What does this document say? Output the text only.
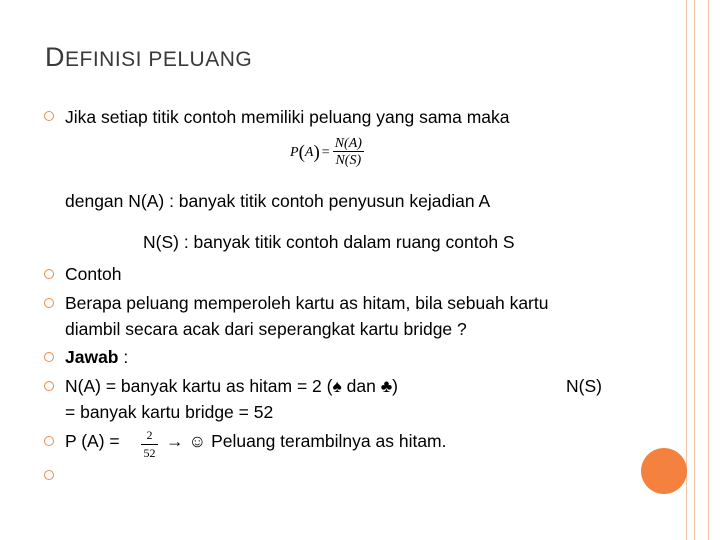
DEFINISI PELUANG
Jika setiap titik contoh memiliki peluang yang sama maka
P ( A ) = $\frac{N(A)}{N(S)}$
dengan N(A) : banyak titik contoh penyusun kejadian A
N(S) : banyak titik contoh dalam ruang contoh S
Contoh
Berapa peluang memperoleh kartu as hitam, bila sebuah kartu
diambil secara acak dari seperangkat kartu bridge ?
Jawab :
N(A) = banyak kartu as hitam = 2 (♠ dan ♣)	N(S)
= banyak kartu bridge = 52
P (A) = 2
52
→ ☺ Peluang terambilnya as hitam.
